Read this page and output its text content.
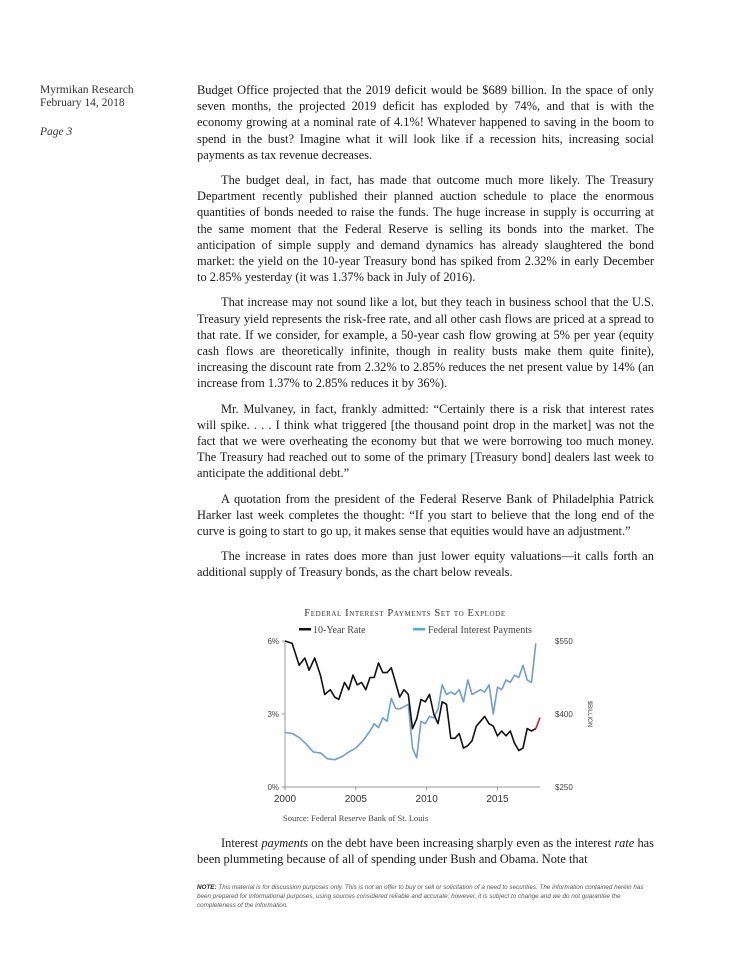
Myrmikan Research
February 14, 2018
Page 3

Budget Office projected that the 2019 deficit would be $689 billion. In the space of only seven months, the projected 2019 deficit has exploded by 74%, and that is with the economy growing at a nominal rate of 4.1%! Whatever happened to saving in the boom to spend in the bust? Imagine what it will look like if a recession hits, increasing social payments as tax revenue decreases.

The budget deal, in fact, has made that outcome much more likely. The Treasury Department recently published their planned auction schedule to place the enormous quantities of bonds needed to raise the funds. The huge increase in supply is occurring at the same moment that the Federal Reserve is selling its bonds into the market. The anticipation of simple supply and demand dynamics has already slaughtered the bond market: the yield on the 10-year Treasury bond has spiked from 2.32% in early December to 2.85% yesterday (it was 1.37% back in July of 2016).

That increase may not sound like a lot, but they teach in business school that the U.S. Treasury yield represents the risk-free rate, and all other cash flows are priced at a spread to that rate. If we consider, for example, a 50-year cash flow growing at 5% per year (equity cash flows are theoretically infinite, though in reality busts make them quite finite), increasing the discount rate from 2.32% to 2.85% reduces the net present value by 14% (an increase from 1.37% to 2.85% reduces it by 36%).

Mr. Mulvaney, in fact, frankly admitted: “Certainly there is a risk that interest rates will spike. . . . I think what triggered [the thousand point drop in the market] was not the fact that we were overheating the economy but that we were borrowing too much money. The Treasury had reached out to some of the primary [Treasury bond] dealers last week to anticipate the additional debt.”

A quotation from the president of the Federal Reserve Bank of Philadelphia Patrick Harker last week completes the thought: “If you start to believe that the long end of the curve is going to start to go up, it makes sense that equities would have an adjustment.”

The increase in rates does more than just lower equity valuations—it calls forth an additional supply of Treasury bonds, as the chart below reveals.

Federal Interest Payments Set to Explode
10-Year Rate	Federal Interest Payments
6%
3%
0%
$550
$400
$250
$BILLION
2000	2005	2010	2015
Source: Federal Reserve Bank of St. Louis

Interest payments on the debt have been increasing sharply even as the interest rate has been plummeting because of all of spending under Bush and Obama. Note that

NOTE: This material is for discussion purposes only. This is not an offer to buy or sell or solicitation of a need to securities. The information contained herein has been prepared for informational purposes, using sources considered reliable and accurate; however, it is subject to change and we do not guarantee the completeness of the information.
